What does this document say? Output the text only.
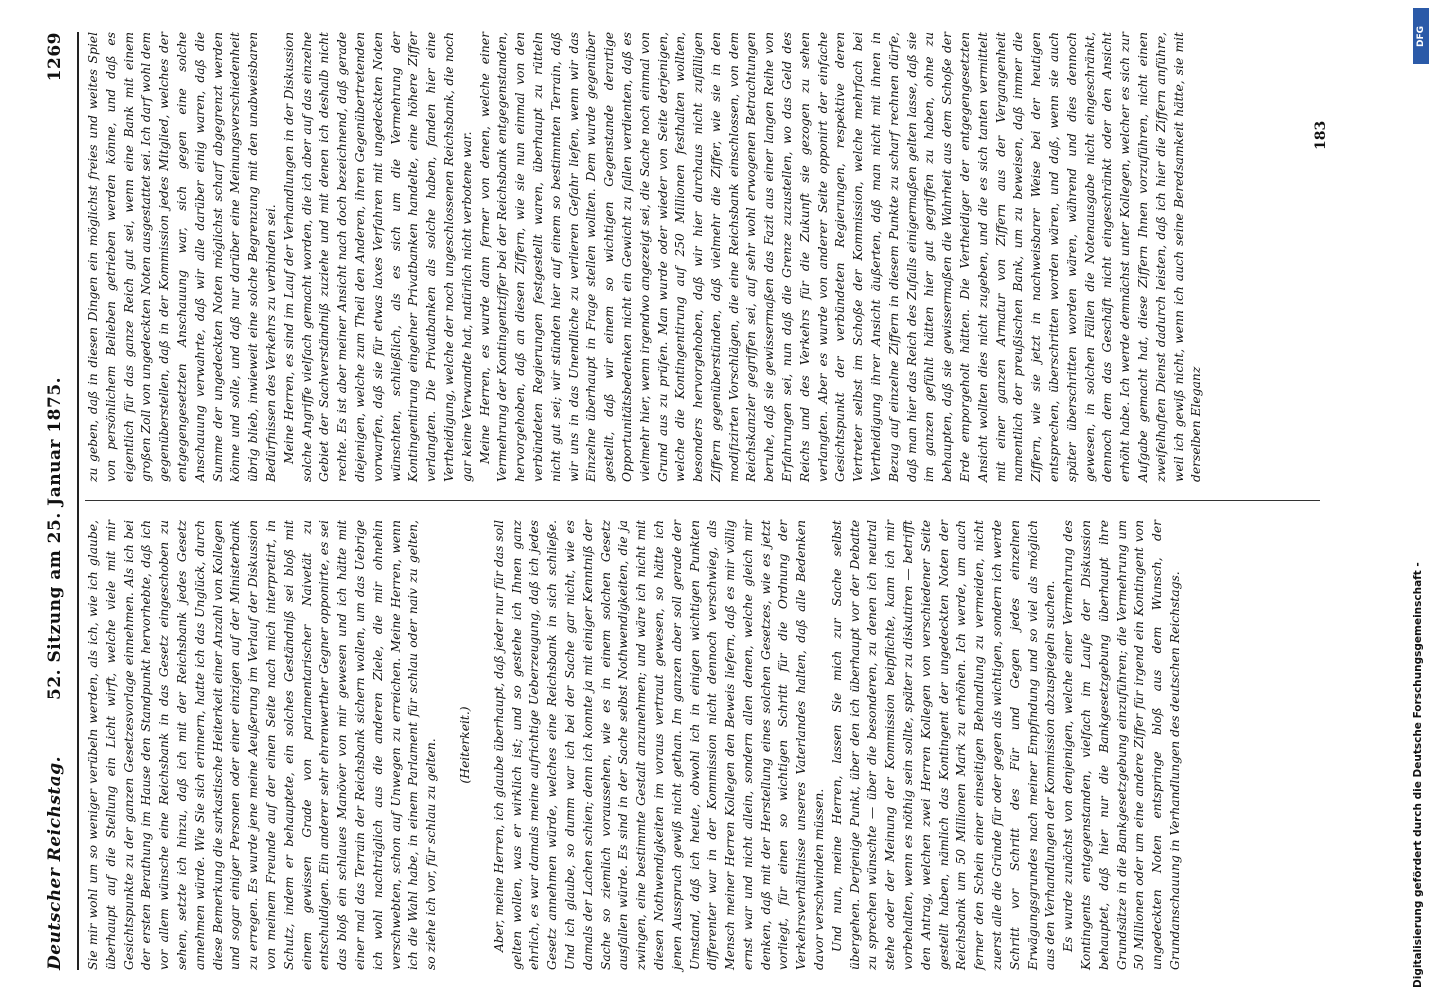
Deutscher Reichstag.
52. Sitzung am 25. Januar 1875.
1269

Sie mir wohl um so weniger verübeln werden, als ich, wie ich glaube, überhaupt auf die Stellung ein Licht wirft, welche viele mit mir Gesichtspunkte zu der ganzen Gesetzesvorlage einnehmen. Als ich bei der ersten Berathung im Hause den Standpunkt hervorhebte, daß ich vor allem wünsche eine Reichsbank in das Gesetz eingeschoben zu sehen, setzte ich hinzu, daß ich mit der Reichsbank jedes Gesetz annehmen würde. Wie Sie sich erinnern, hatte ich das Unglück, durch diese Bemerkung die sarkastische Heiterkeit einer Anzahl von Kollegen und sogar einiger Personen oder einer einzigen auf der Ministerbank zu erregen. Es wurde jene meine Aeußerung im Verlauf der Diskussion von meinem Freunde auf der einen Seite nach mich interpretirt, in Schutz, indem er behauptete, ein solches Geständniß sei bloß mit einem gewissen Grade von parlamentarischer Naivetät zu entschuldigen. Ein anderer sehr ehrenwerther Gegner opponirte, es sei das bloß ein schlaues Manöver von mir gewesen und ich hätte mit einer mal das Terrain der Reichsbank sichern wollen, um das Uebrige ich wohl nachträglich aus die anderen Ziele, die mir ohnehin verschwebten, schon auf Unwegen zu erreichen. Meine Herren, wenn ich die Wahl habe, in einem Parlament für schlau oder naiv zu gelten, so ziehe ich vor, für schlau zu gelten. (Heiterkeit.) Aber, meine Herren, ich glaube überhaupt, daß jeder nur für das soll gelten wollen, was er wirklich ist; und so gestehe ich Ihnen ganz ehrlich, es war damals meine aufrichtige Ueberzeugung, daß ich jedes Gesetz annehmen würde, welches eine Reichsbank in sich schließe. Und ich glaube, so dumm war ich bei der Sache gar nicht, wie es damals der Lachen schien; denn ich konnte ja mit einiger Kenntniß der Sache so ziemlich voraussehen, wie es in einem solchen Gesetz ausfallen würde. Es sind in der Sache selbst Nothwendigkeiten, die ja zwingen, eine bestimmte Gestalt anzunehmen; und wäre ich nicht mit diesen Nothwendigkeiten im voraus vertraut gewesen, so hätte ich jenen Ausspruch gewiß nicht gethan. Im ganzen aber soll gerade der Umstand, daß ich heute, obwohl ich in einigen wichtigen Punkten differenter war in der Kommission nicht dennoch verschwieg, als Mensch meiner Herren Kollegen den Beweis liefern, daß es mir völlig ernst war und nicht allein, sondern allen denen, welche gleich mir denken, daß mit der Herstellung eines solchen Gesetzes, wie es jetzt vorliegt, für einen so wichtigen Schritt für die Ordnung der Verkehrsverhältnisse unseres Vaterlandes halten, daß alle Bedenken davor verschwinden müssen. Und nun, meine Herren, lassen Sie mich zur Sache selbst übergehen. Derjenige Punkt, über den ich überhaupt vor der Debatte zu sprechen wünschte — über die besonderen, zu denen ich neutral stehe oder der Meinung der Kommission beipflichte, kann ich mir vorbehalten, wenn es nöthig sein sollte, später zu diskutiren — betrifft den Antrag, welchen zwei Herren Kollegen von verschiedener Seite gestellt haben, nämlich das Kontingent der ungedeckten Noten der Reichsbank um 50 Millionen Mark zu erhöhen. Ich werde, um auch ferner den Schein einer einseitigen Behandlung zu vermeiden, nicht zuerst alle die Gründe für oder gegen als wichtigen, sondern ich werde Schritt vor Schritt des Für und Gegen jedes einzelnen Erwägungsgrundes nach meiner Empfindung und so viel als möglich aus den Verhandlungen der Kommission abzuspiegeln suchen. Es wurde zunächst von denjenigen, welche einer Vermehrung des Kontingents entgegenstanden, vielfach im Laufe der Diskussion behauptet, daß hier nur die Bankgesetzgebung überhaupt ihre Grundsätze in die Bankgesetzgebung einzuführen; die Vermehrung um 50 Millionen oder um eine andere Ziffer für irgend ein Kontingent von ungedeckten Noten entspringe bloß aus dem Wunsch, der Grundanschauung in Verhandlungen des deutschen Reichstags.

zu geben, daß in diesen Dingen ein möglichst freies und weites Spiel von persönlichem Belieben getrieben werden könne, und daß es eigentlich für das ganze Reich gut sei, wenn eine Bank mit einem großen Zoll von ungedeckten Noten ausgestattet sei. Ich darf wohl dem gegenüberstellen, daß in der Kommission jedes Mitglied, welches der entgegengesetzten Anschauung war, sich gegen eine solche Anschauung verwahrte, daß wir alle darüber einig waren, daß die Summe der ungedeckten Noten möglichst scharf abgegrenzt werden könne und solle, und daß nur darüber eine Meinungsverschiedenheit übrig blieb, inwieweit eine solche Begrenzung mit den unabweisbaren Bedürfnissen des Verkehrs zu verbinden sei. Meine Herren, es sind im Lauf der Verhandlungen in der Diskussion solche Angriffe vielfach gemacht worden, die ich aber auf das einzelne Gebiet der Sachverständniß zuziehe und mit denen ich deshalb nicht rechte. Es ist aber meiner Ansicht nach doch bezeichnend, daß gerade diejenigen, welche zum Theil den Anderen, ihren Gegenübertretenden vorwarfen, daß sie für etwas laxes Verfahren mit ungedeckten Noten wünschten, schließlich, als es sich um die Vermehrung der Kontingentirung eingelner Privatbanken handelte, eine höhere Ziffer verlangten. Die Privatbanken als solche haben, fanden hier eine Vertheidigung, welche der noch ungeschlossenen Reichsbank, die noch gar keine Verwandte hat, natürlich nicht verbotene war. Meine Herren, es wurde dann ferner von denen, welche einer Vermehrung der Kontingentziffer bei der Reichsbank entgegenstanden, hervorgehoben, daß an diesen Ziffern, wie sie nun einmal von den verbündeten Regierungen festgestellt waren, überhaupt zu rütteln nicht gut sei; wir stünden hier auf einem so bestimmten Terrain, daß wir uns in das Unendliche zu verlieren Gefahr liefen, wenn wir das Einzelne überhaupt in Frage stellen wollten. Dem wurde gegenüber gestellt, daß wir einem so wichtigen Gegenstande derartige Opportunitätsbedenken nicht ein Gewicht zu fallen verdienten, daß es vielmehr hier, wenn irgendwo angezeigt sei, die Sache noch einmal von Grund aus zu prüfen. Man wurde oder wieder von Seite derjenigen, welche die Kontingentirung auf 250 Millionen festhalten wollten, besonders hervorgehoben, daß wir hier durchaus nicht zufälligen Ziffern gegenüberstünden, daß vielmehr die Ziffer, wie sie in den modifizirten Vorschlägen, die eine Reichsbank einschlossen, von dem Reichskanzler gegriffen sei, auf sehr wohl erwogenen Betrachtungen beruhe, daß sie gewissermaßen das Fazit aus einer langen Reihe von Erfahrungen sei, nun daß die Grenze zuzustellen, wo das Geld des Reichs und des Verkehrs für die Zukunft sie gezogen zu sehen verlangten. Aber es wurde von anderer Seite opponirt der einfache Gesichtspunkt der verbündeten Regierungen, respektive deren Vertreter selbst im Schoße der Kommission, welche mehrfach bei Vertheidigung ihrer Ansicht äußerten, daß man nicht mit ihnen in Bezug auf einzelne Ziffern in diesem Punkte zu scharf rechnen dürfe, daß man hier das Reich des Zufalls einigermaßen gelten lasse, daß sie im ganzen gefühlt hätten hier gut gegriffen zu haben, ohne zu behaupten, daß sie gewissermaßen die Wahrheit aus dem Schoße der Erde emporgeholt hätten. Die Vertheidiger der entgegengesetzten Ansicht wollten dies nicht zugeben, und die es sich tanten vermittelt mit einer ganzen Armatur von Ziffern aus der Vergangenheit namentlich der preußischen Bank, um zu beweisen, daß immer die Ziffern, wie sie jetzt in nachweisbarer Weise bei der heutigen entsprechen, überschritten worden wären, und daß, wenn sie auch später überschritten worden wären, während und dies dennoch gewesen, in solchen Fällen die Notenausgabe nicht eingeschränkt, dennoch dem das Geschäft nicht eingeschränkt oder den Ansicht erhöht habe. Ich werde demnächst unter Kollegen, welcher es sich zur Aufgabe gemacht hat, diese Ziffern Ihnen vorzuführen, nicht einen zweifelhaften Dienst dadurch leisten, daß ich hier die Ziffern anführe, weil ich gewiß nicht, wenn ich auch seine Beredsamkeit hätte, sie mit derselben Eleganz

183
DFG
Digitalisierung gefördert durch die Deutsche Forschungsgemeinschaft -
